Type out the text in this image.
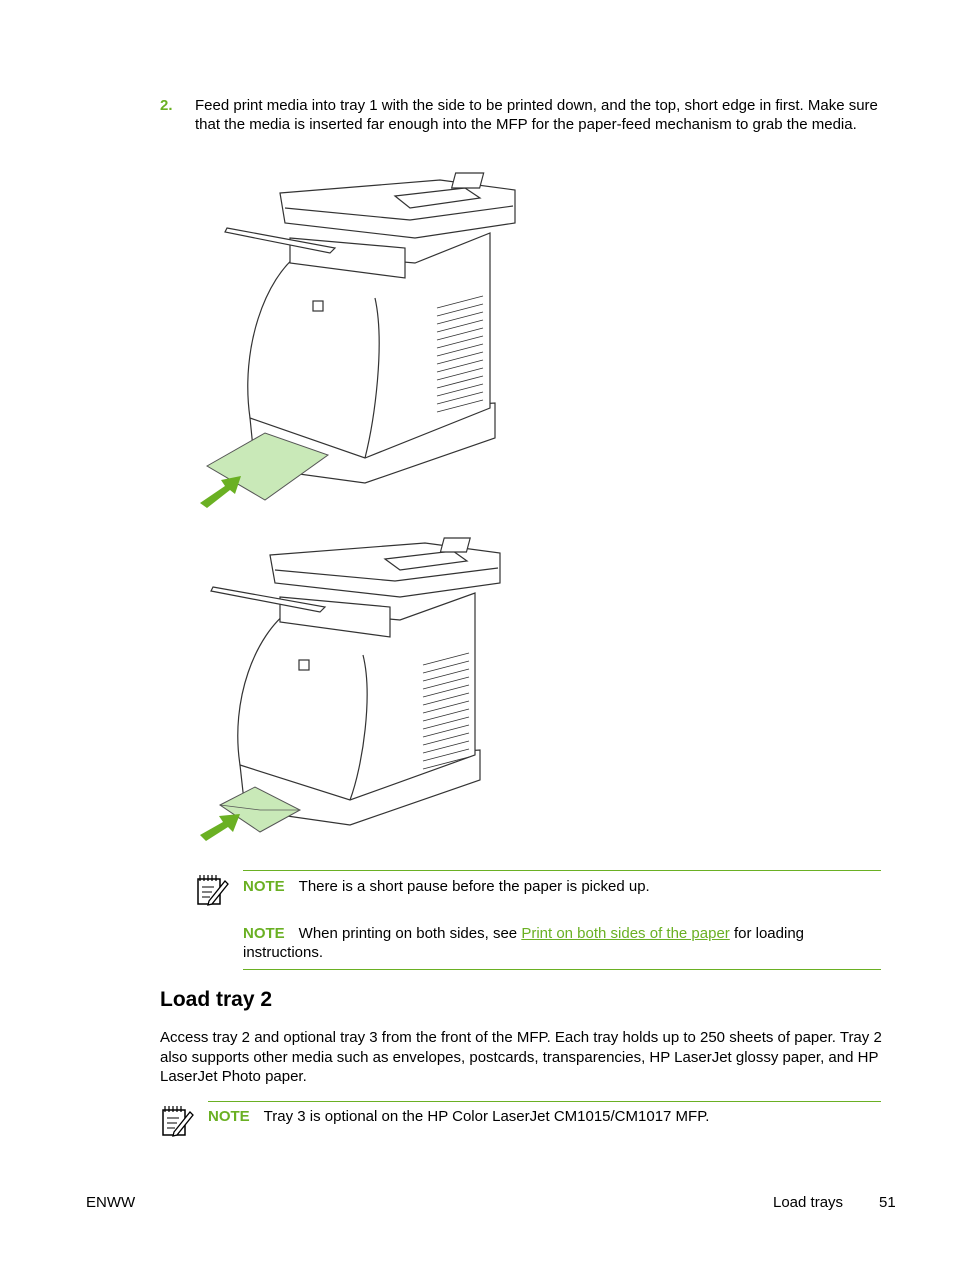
2. Feed print media into tray 1 with the side to be printed down, and the top, short edge in first. Make sure that the media is inserted far enough into the MFP for the paper-feed mechanism to grab the media.
NOTE There is a short pause before the paper is picked up.
NOTE When printing on both sides, see Print on both sides of the paper for loading instructions.
Load tray 2
Access tray 2 and optional tray 3 from the front of the MFP. Each tray holds up to 250 sheets of paper. Tray 2 also supports other media such as envelopes, postcards, transparencies, HP LaserJet glossy paper, and HP LaserJet Photo paper.
NOTE Tray 3 is optional on the HP Color LaserJet CM1015/CM1017 MFP.
ENWW	Load trays 51
